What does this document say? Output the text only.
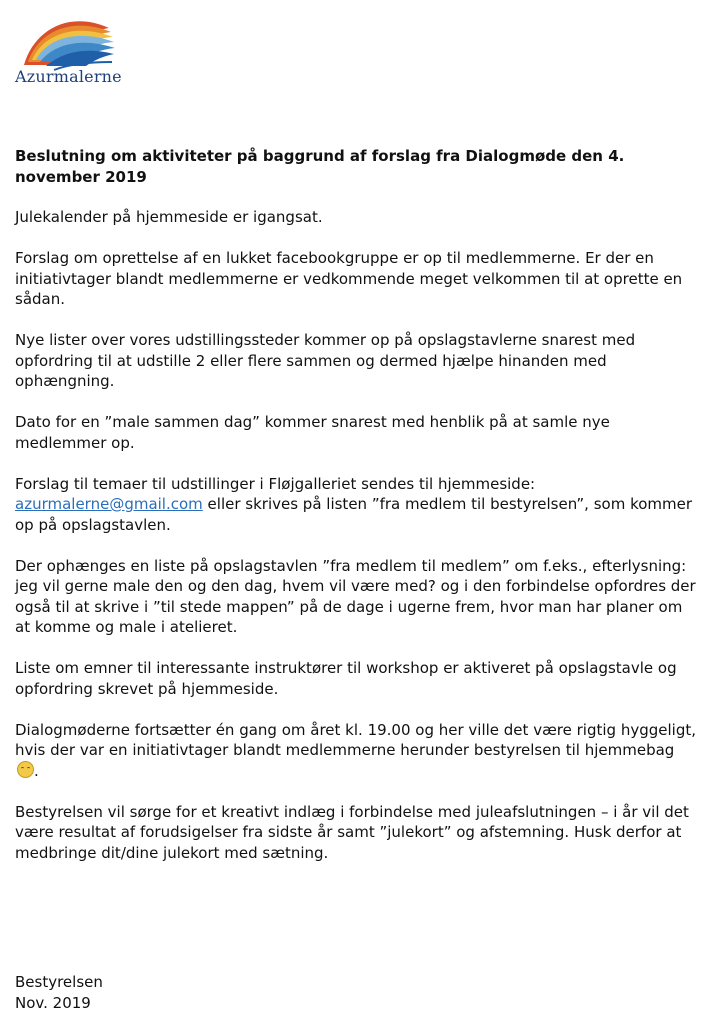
Azurmalerne
Beslutning om aktiviteter på baggrund af forslag fra Dialogmøde den 4. november 2019

Julekalender på hjemmeside er igangsat.

Forslag om oprettelse af en lukket facebookgruppe er op til medlemmerne. Er der en initiativtager blandt medlemmerne er vedkommende meget velkommen til at oprette en sådan.

Nye lister over vores udstillingssteder kommer op på opslagstavlerne snarest med opfordring til at udstille 2 eller flere sammen og dermed hjælpe hinanden med ophængning.

Dato for en ”male sammen dag” kommer snarest med henblik på at samle nye medlemmer op.

Forslag til temaer til udstillinger i Fløjgalleriet sendes til hjemmeside: azurmalerne@gmail.com eller skrives på listen ”fra medlem til bestyrelsen”, som kommer op på opslagstavlen.

Der ophænges en liste på opslagstavlen ”fra medlem til medlem” om f.eks., efterlysning: jeg vil gerne male den og den dag, hvem vil være med? og i den forbindelse opfordres der også til at skrive i ”til stede mappen” på de dage i ugerne frem, hvor man har planer om at komme og male i atelieret.

Liste om emner til interessante instruktører til workshop er aktiveret på opslagstavle og opfordring skrevet på hjemmeside.

Dialogmøderne fortsætter én gang om året kl. 19.00 og her ville det være rigtig hyggeligt, hvis der var en initiativtager blandt medlemmerne herunder bestyrelsen til hjemmebag .

Bestyrelsen vil sørge for et kreativt indlæg i forbindelse med juleafslutningen – i år vil det være resultat af forudsigelser fra sidste år samt ”julekort” og afstemning. Husk derfor at medbringe dit/dine julekort med sætning.

Bestyrelsen
Nov. 2019
